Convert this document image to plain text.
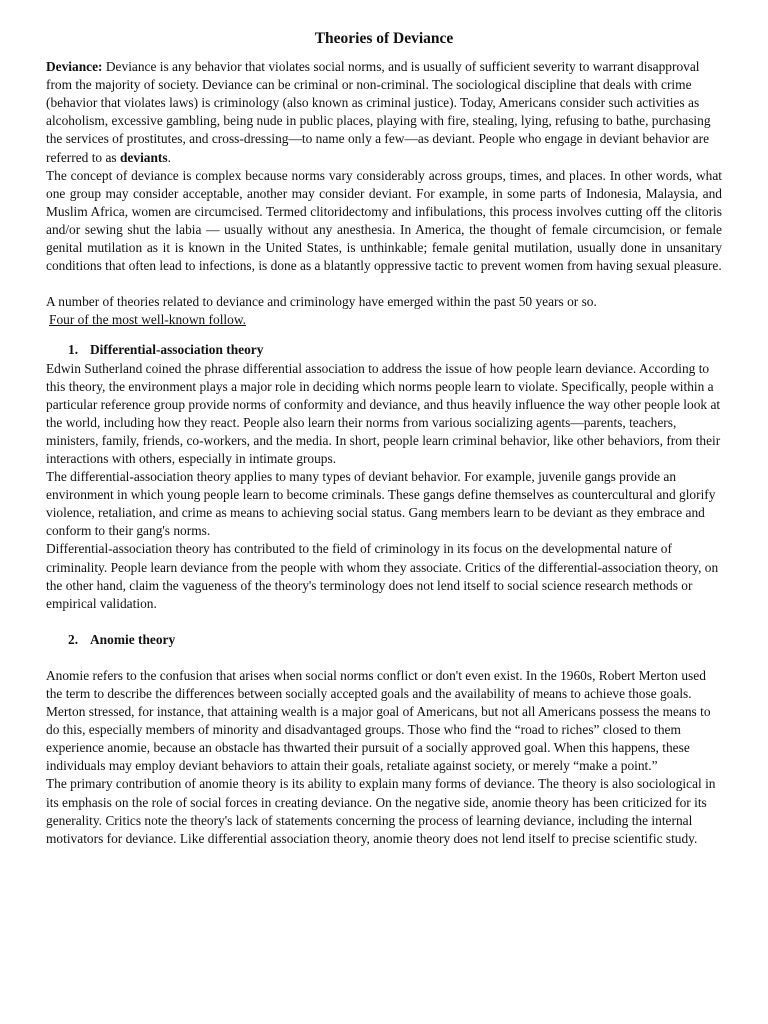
Theories of Deviance

Deviance: Deviance is any behavior that violates social norms, and is usually of sufficient severity to warrant disapproval from the majority of society. Deviance can be criminal or non-criminal. The sociological discipline that deals with crime (behavior that violates laws) is criminology (also known as criminal justice). Today, Americans consider such activities as alcoholism, excessive gambling, being nude in public places, playing with fire, stealing, lying, refusing to bathe, purchasing the services of prostitutes, and cross-dressing—to name only a few—as deviant. People who engage in deviant behavior are referred to as deviants.

The concept of deviance is complex because norms vary considerably across groups, times, and places. In other words, what one group may consider acceptable, another may consider deviant. For example, in some parts of Indonesia, Malaysia, and Muslim Africa, women are circumcised. Termed clitoridectomy and infibulations, this process involves cutting off the clitoris and/or sewing shut the labia — usually without any anesthesia. In America, the thought of female circumcision, or female genital mutilation as it is known in the United States, is unthinkable; female genital mutilation, usually done in unsanitary conditions that often lead to infections, is done as a blatantly oppressive tactic to prevent women from having sexual pleasure.

A number of theories related to deviance and criminology have emerged within the past 50 years or so.

Four of the most well-known follow.

1. Differential-association theory

Edwin Sutherland coined the phrase differential association to address the issue of how people learn deviance. According to this theory, the environment plays a major role in deciding which norms people learn to violate. Specifically, people within a particular reference group provide norms of conformity and deviance, and thus heavily influence the way other people look at the world, including how they react. People also learn their norms from various socializing agents—parents, teachers, ministers, family, friends, co-workers, and the media. In short, people learn criminal behavior, like other behaviors, from their interactions with others, especially in intimate groups.

The differential-association theory applies to many types of deviant behavior. For example, juvenile gangs provide an environment in which young people learn to become criminals. These gangs define themselves as countercultural and glorify violence, retaliation, and crime as means to achieving social status. Gang members learn to be deviant as they embrace and conform to their gang's norms.

Differential-association theory has contributed to the field of criminology in its focus on the developmental nature of criminality. People learn deviance from the people with whom they associate. Critics of the differential-association theory, on the other hand, claim the vagueness of the theory's terminology does not lend itself to social science research methods or empirical validation.

2. Anomie theory

Anomie refers to the confusion that arises when social norms conflict or don't even exist. In the 1960s, Robert Merton used the term to describe the differences between socially accepted goals and the availability of means to achieve those goals. Merton stressed, for instance, that attaining wealth is a major goal of Americans, but not all Americans possess the means to do this, especially members of minority and disadvantaged groups. Those who find the “road to riches” closed to them experience anomie, because an obstacle has thwarted their pursuit of a socially approved goal. When this happens, these individuals may employ deviant behaviors to attain their goals, retaliate against society, or merely “make a point.”

The primary contribution of anomie theory is its ability to explain many forms of deviance. The theory is also sociological in its emphasis on the role of social forces in creating deviance. On the negative side, anomie theory has been criticized for its generality. Critics note the theory's lack of statements concerning the process of learning deviance, including the internal motivators for deviance. Like differential association theory, anomie theory does not lend itself to precise scientific study.
